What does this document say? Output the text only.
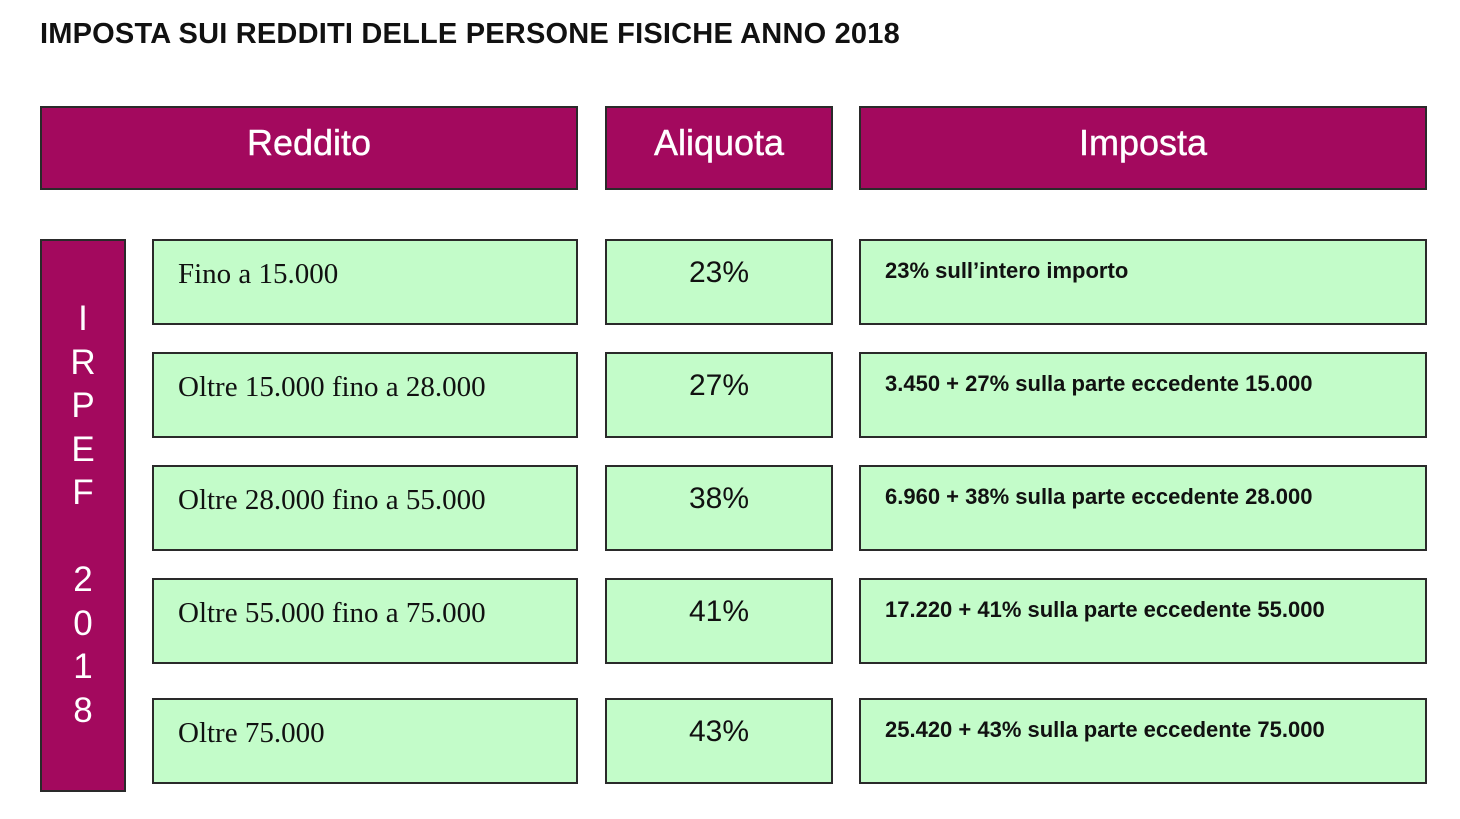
IMPOSTA SUI REDDITI DELLE PERSONE FISICHE ANNO 2018
Reddito	Aliquota	Imposta
I
R
P
E
F
2
0
1
8
Fino a 15.000	23%	23% sull’intero importo
Oltre 15.000 fino a 28.000	27%	3.450 + 27% sulla parte eccedente 15.000
Oltre 28.000 fino a 55.000	38%	6.960 + 38% sulla parte eccedente 28.000
Oltre 55.000 fino a 75.000	41%	17.220 + 41% sulla parte eccedente 55.000
Oltre 75.000	43%	25.420 + 43% sulla parte eccedente 75.000
